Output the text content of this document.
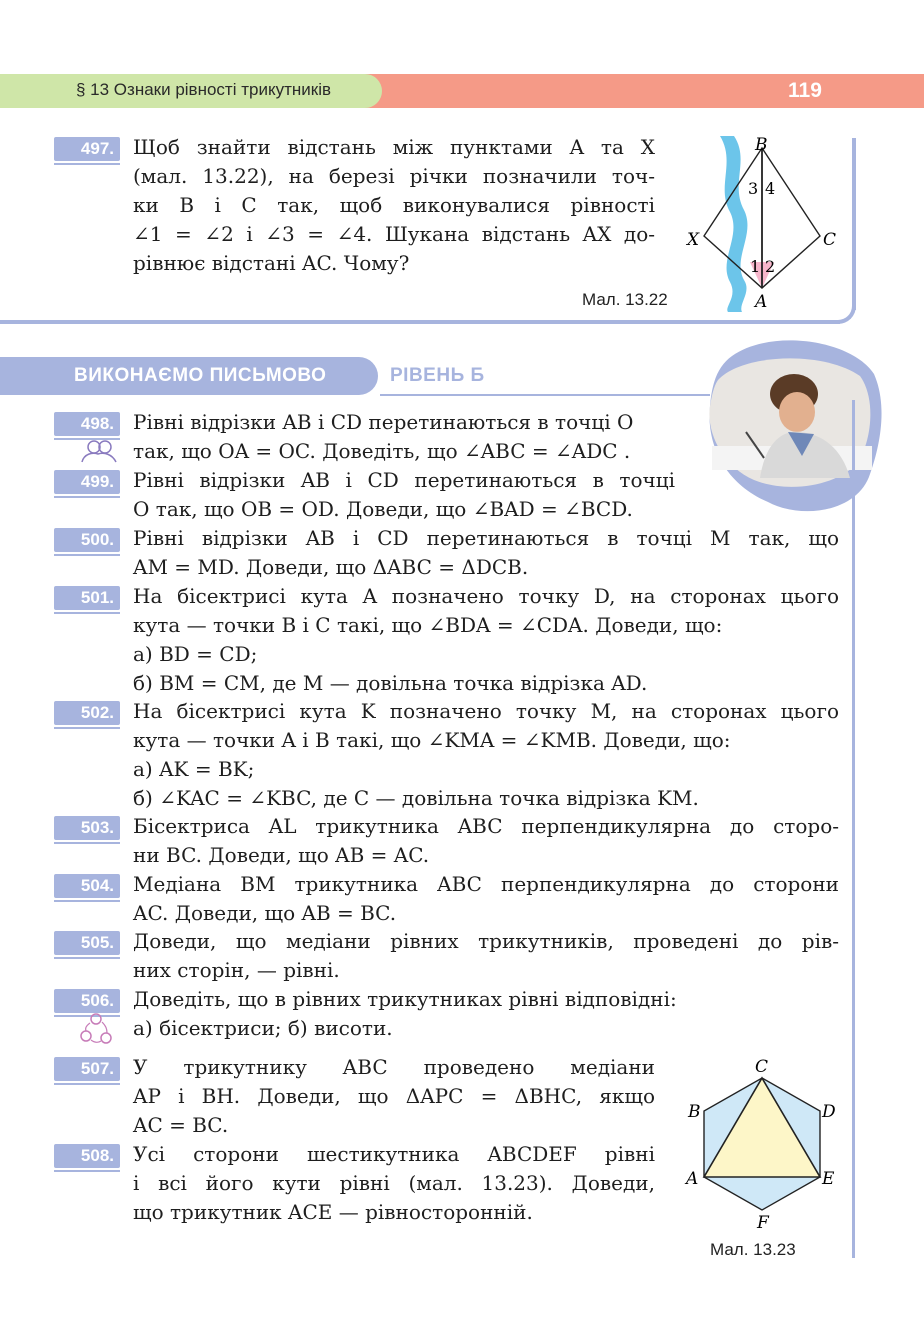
§ 13 Ознаки рівності трикутників	119
497. Щоб знайти відстань між пунктами A та X
(мал. 13.22), на березі річки позначили точ-
ки B і C так, щоб виконувалися рівності
∠1 = ∠2 і ∠3 = ∠4. Шукана відстань AX до-
рівнює відстані AC. Чому?
Мал. 13.22
B
X	C
A
3 4
1 2
ВИКОНАЄМО ПИСЬМОВО	РІВЕНЬ Б
498. Рівні відрізки AB і CD перетинаються в точці O
так, що OA = OC. Доведіть, що ∠ABC = ∠ADC .
499. Рівні відрізки AB і CD перетинаються в точці
O так, що OB = OD. Доведи, що ∠BAD = ∠BCD.
500. Рівні відрізки AB і CD перетинаються в точці M так, що
AM = MD. Доведи, що ΔABC = ΔDCB.
501. На бісектрисі кута A позначено точку D, на сторонах цього
кута — точки B і C такі, що ∠BDA = ∠CDA. Доведи, що:
а) BD = CD;
б) BM = CM, де M — довільна точка відрізка AD.
502. На бісектрисі кута K позначено точку M, на сторонах цього
кута — точки A і B такі, що ∠KMA = ∠KMB. Доведи, що:
а) AK = BK;
б) ∠KAC = ∠KBC, де C — довільна точка відрізка KM.
503. Бісектриса AL трикутника ABC перпендикулярна до сторо-
ни BC. Доведи, що AB = AC.
504. Медіана BM трикутника ABC перпендикулярна до сторони
AC. Доведи, що AB = BC.
505. Доведи, що медіани рівних трикутників, проведені до рів-
них сторін, — рівні.
506. Доведіть, що в рівних трикутниках рівні відповідні:
а) бісектриси; б) висоти.
507. У трикутнику ABC проведено медіани
AP і BH. Доведи, що ΔAPC = ΔBHC, якщо
AC = BC.
508. Усі сторони шестикутника ABCDEF рівні
і всі його кути рівні (мал. 13.23). Доведи,
що трикутник ACE — рівносторонній.
C
B	D
A	E
F
Мал. 13.23
